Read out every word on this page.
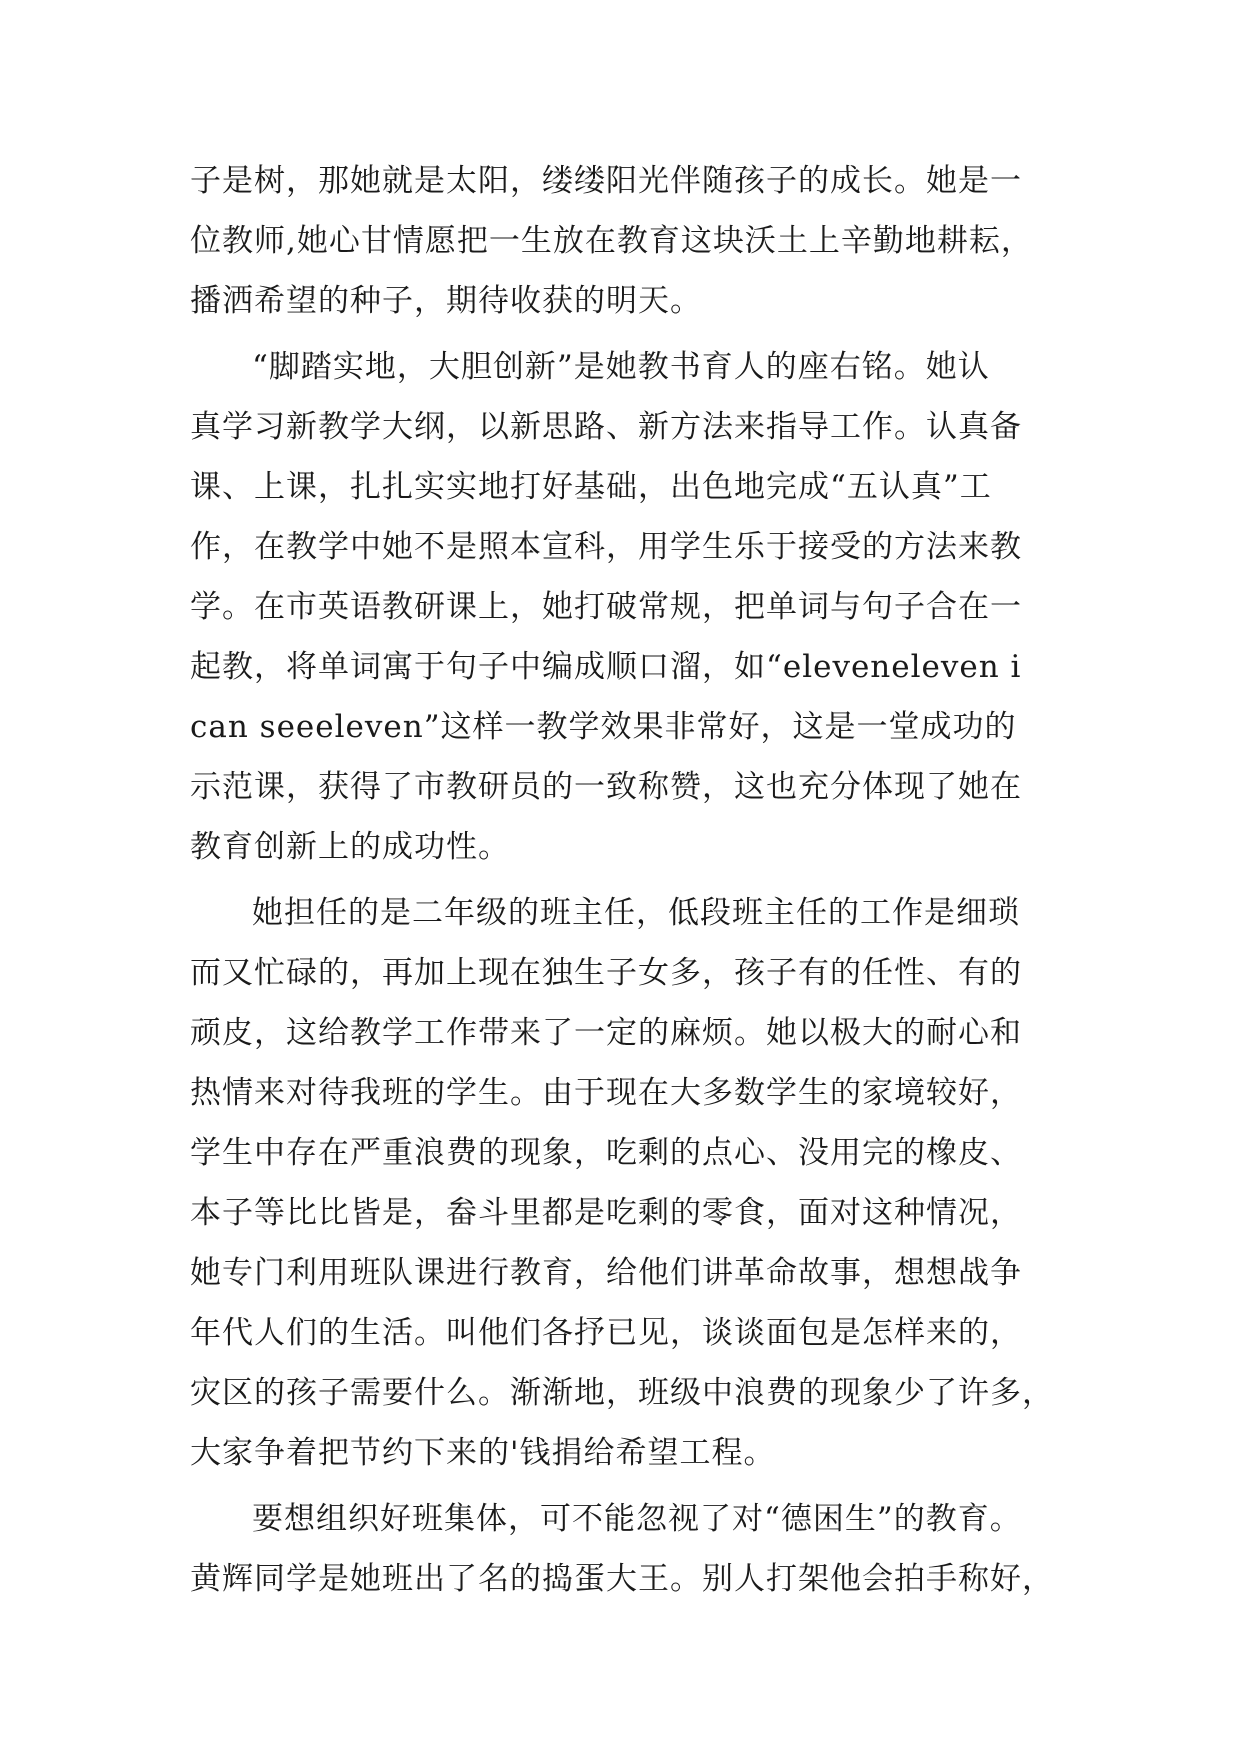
子是树，那她就是太阳，缕缕阳光伴随孩子的成长。她是一
位教师,她心甘情愿把一生放在教育这块沃土上辛勤地耕耘，
播洒希望的种子，期待收获的明天。
“脚踏实地，大胆创新”是她教书育人的座右铭。她认
真学习新教学大纲，以新思路、新方法来指导工作。认真备
课、上课，扎扎实实地打好基础，出色地完成“五认真”工
作，在教学中她不是照本宣科，用学生乐于接受的方法来教
学。在市英语教研课上，她打破常规，把单词与句子合在一
起教，将单词寓于句子中编成顺口溜，如“eleveneleven i
can seeeleven”这样一教学效果非常好，这是一堂成功的
示范课，获得了市教研员的一致称赞，这也充分体现了她在
教育创新上的成功性。
她担任的是二年级的班主任，低段班主任的工作是细琐
而又忙碌的，再加上现在独生子女多，孩子有的任性、有的
顽皮，这给教学工作带来了一定的麻烦。她以极大的耐心和
热情来对待我班的学生。由于现在大多数学生的家境较好，
学生中存在严重浪费的现象，吃剩的点心、没用完的橡皮、
本子等比比皆是，畚斗里都是吃剩的零食，面对这种情况，
她专门利用班队课进行教育，给他们讲革命故事，想想战争
年代人们的生活。叫他们各抒已见，谈谈面包是怎样来的，
灾区的孩子需要什么。渐渐地，班级中浪费的现象少了许多，
大家争着把节约下来的'钱捐给希望工程。
要想组织好班集体，可不能忽视了对“德困生”的教育。
黄辉同学是她班出了名的捣蛋大王。别人打架他会拍手称好，
